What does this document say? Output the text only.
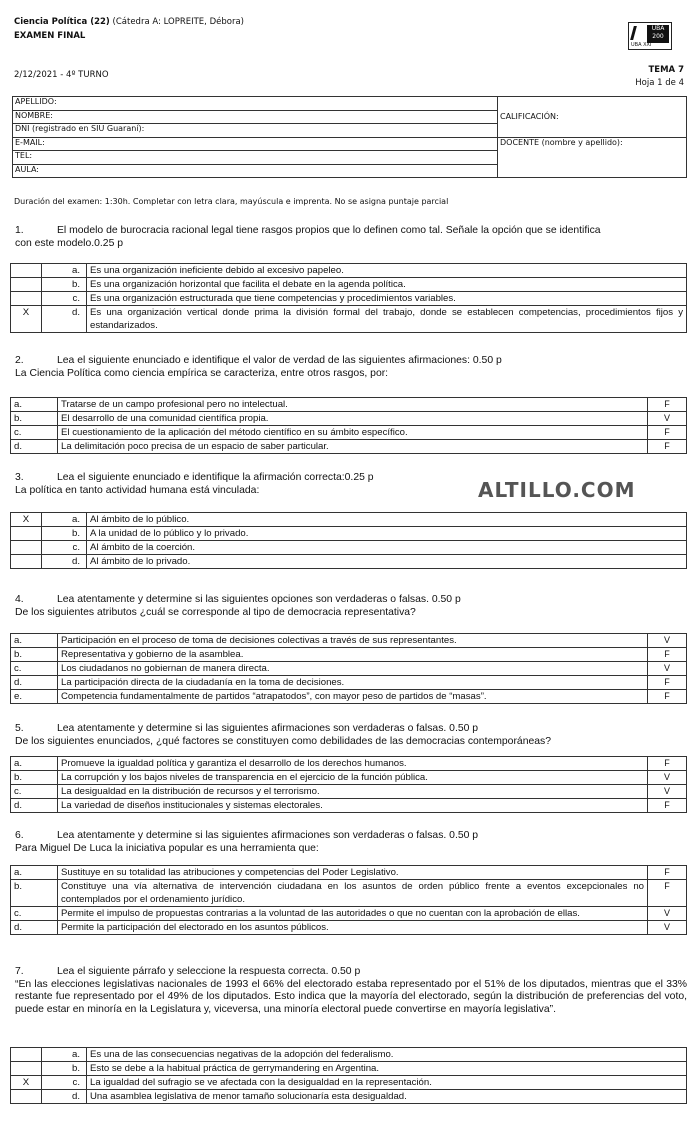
Ciencia Política (22) (Cátedra A: LOPREITE, Débora)
EXAMEN FINAL
2/12/2021 - 4º TURNO	TEMA 7
Hoja 1 de 4
UBA
200
UBA XXI
APELLIDO:	CALIFICACIÓN:
NOMBRE:	
DNI (registrado en SIU Guaraní):	
E-MAIL:	DOCENTE (nombre y apellido):
TEL:	
AULA:	
Duración del examen: 1:30h. Completar con letra clara, mayúscula e imprenta. No se asigna puntaje parcial
1.	El modelo de burocracia racional legal tiene rasgos propios que lo definen como tal. Señale la opción que se identifica
con este modelo.0.25 p
	a.	Es una organización ineficiente debido al excesivo papeleo.
	b.	Es una organización horizontal que facilita el debate en la agenda política.
	c.	Es una organización estructurada que tiene competencias y procedimientos variables.
X	d.	Es una organización vertical donde prima la división formal del trabajo, donde se establecen competencias, procedimientos fijos y estandarizados.
2.	Lea el siguiente enunciado e identifique el valor de verdad de las siguientes afirmaciones: 0.50 p
La Ciencia Política como ciencia empírica se caracteriza, entre otros rasgos, por:
a.	Tratarse de un campo profesional pero no intelectual.	F
b.	El desarrollo de una comunidad científica propia.	V
c.	El cuestionamiento de la aplicación del método científico en su ámbito específico.	F
d.	La delimitación poco precisa de un espacio de saber particular.	F
3.	Lea el siguiente enunciado e identifique la afirmación correcta:0.25 p
La política en tanto actividad humana está vinculada:	ALTILLO.COM
X	a.	Al ámbito de lo público.
	b.	A la unidad de lo público y lo privado.
	c.	Al ámbito de la coerción.
	d.	Al ámbito de lo privado.
4.	Lea atentamente y determine si las siguientes opciones son verdaderas o falsas. 0.50 p
De los siguientes atributos ¿cuál se corresponde al tipo de democracia representativa?
a.	Participación en el proceso de toma de decisiones colectivas a través de sus representantes.	V
b.	Representativa y gobierno de la asamblea.	F
c.	Los ciudadanos no gobiernan de manera directa.	V
d.	La participación directa de la ciudadanía en la toma de decisiones.	F
e.	Competencia fundamentalmente de partidos “atrapatodos”, con mayor peso de partidos de “masas”.	F
5.	Lea atentamente y determine si las siguientes afirmaciones son verdaderas o falsas. 0.50 p
De los siguientes enunciados, ¿qué factores se constituyen como debilidades de las democracias contemporáneas?
a.	Promueve la igualdad política y garantiza el desarrollo de los derechos humanos.	F
b.	La corrupción y los bajos niveles de transparencia en el ejercicio de la función pública.	V
c.	La desigualdad en la distribución de recursos y el terrorismo.	V
d.	La variedad de diseños institucionales y sistemas electorales.	F
6.	Lea atentamente y determine si las siguientes afirmaciones son verdaderas o falsas. 0.50 p
Para Miguel De Luca la iniciativa popular es una herramienta que:
a.	Sustituye en su totalidad las atribuciones y competencias del Poder Legislativo.	F
b.	Constituye una vía alternativa de intervención ciudadana en los asuntos de orden público frente a eventos excepcionales no contemplados por el ordenamiento jurídico.	F
c.	Permite el impulso de propuestas contrarias a la voluntad de las autoridades o que no cuentan con la aprobación de ellas.	V
d.	Permite la participación del electorado en los asuntos públicos.	V
7.	Lea el siguiente párrafo y seleccione la respuesta correcta. 0.50 p
“En las elecciones legislativas nacionales de 1993 el 66% del electorado estaba representado por el 51% de los diputados, mientras que el 33% restante fue representado por el 49% de los diputados. Esto indica que la mayoría del electorado, según la distribución de preferencias del voto, puede estar en minoría en la Legislatura y, viceversa, una minoría electoral puede convertirse en mayoría legislativa”.
	a.	Es una de las consecuencias negativas de la adopción del federalismo.
	b.	Esto se debe a la habitual práctica de gerrymandering en Argentina.
X	c.	La igualdad del sufragio se ve afectada con la desigualdad en la representación.
	d.	Una asamblea legislativa de menor tamaño solucionaría esta desigualdad.
